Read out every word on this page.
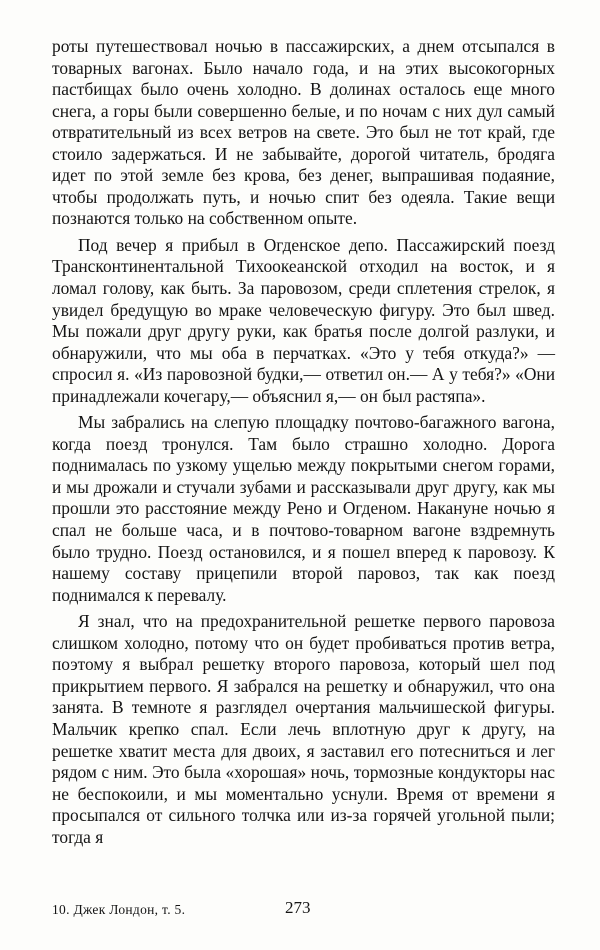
роты путешествовал ночью в пассажирских, а днем отсыпался в товарных вагонах. Было начало года, и на этих высокогорных пастбищах было очень холодно. В долинах осталось еще много снега, а горы были совершенно белые, и по ночам с них дул самый отвратительный из всех ветров на свете. Это был не тот край, где стоило задержаться. И не забывайте, дорогой читатель, бродяга идет по этой земле без крова, без денег, выпрашивая подаяние, чтобы продолжать путь, и ночью спит без одеяла. Такие вещи познаются только на собственном опыте.

Под вечер я прибыл в Огденское депо. Пассажирский поезд Трансконтинентальной Тихоокеанской отходил на восток, и я ломал голову, как быть. За паровозом, среди сплетения стрелок, я увидел бредущую во мраке человеческую фигуру. Это был швед. Мы пожали друг другу руки, как братья после долгой разлуки, и обнаружили, что мы оба в перчатках. «Это у тебя откуда?» — спросил я. «Из паровозной будки,— ответил он.— А у тебя?» «Они принадлежали кочегару,— объяснил я,— он был растяпа».

Мы забрались на слепую площадку почтово-багажного вагона, когда поезд тронулся. Там было страшно холодно. Дорога поднималась по узкому ущелью между покрытыми снегом горами, и мы дрожали и стучали зубами и рассказывали друг другу, как мы прошли это расстояние между Рено и Огденом. Накануне ночью я спал не больше часа, и в почтово-товарном вагоне вздремнуть было трудно. Поезд остановился, и я пошел вперед к паровозу. К нашему составу прицепили второй паровоз, так как поезд поднимался к перевалу.

Я знал, что на предохранительной решетке первого паровоза слишком холодно, потому что он будет пробиваться против ветра, поэтому я выбрал решетку второго паровоза, который шел под прикрытием первого. Я забрался на решетку и обнаружил, что она занята. В темноте я разглядел очертания мальчишеской фигуры. Мальчик крепко спал. Если лечь вплотную друг к другу, на решетке хватит места для двоих, я заставил его потесниться и лег рядом с ним. Это была «хорошая» ночь, тормозные кондукторы нас не беспокоили, и мы моментально уснули. Время от времени я просыпался от сильного толчка или из-за горячей угольной пыли; тогда я

10. Джек Лондон, т. 5.	273
